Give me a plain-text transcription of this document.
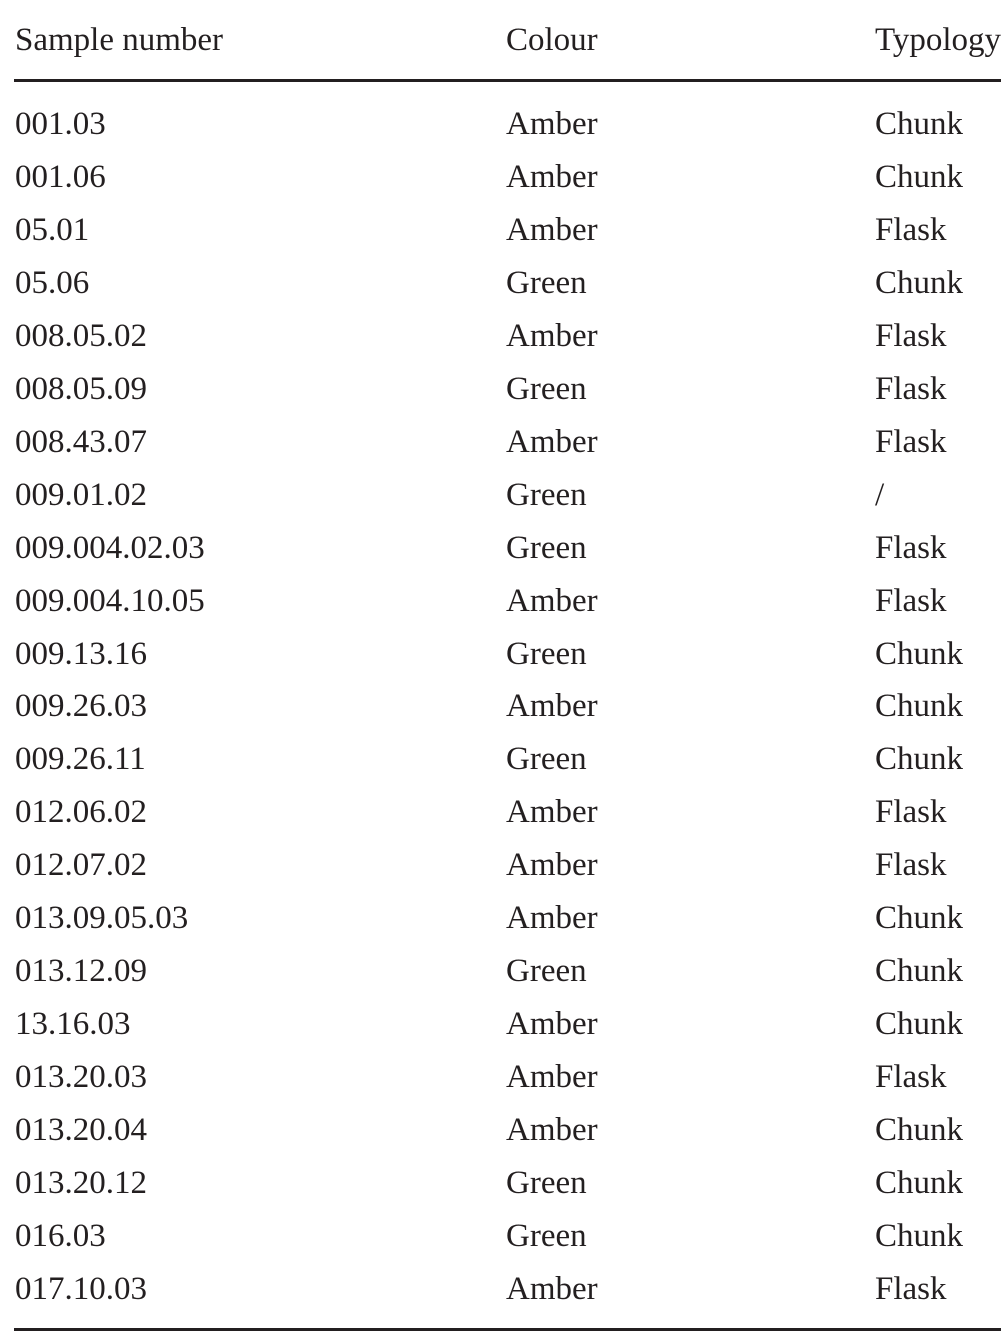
Sample number	Colour	Typology
001.03	Amber	Chunk
001.06	Amber	Chunk
05.01	Amber	Flask
05.06	Green	Chunk
008.05.02	Amber	Flask
008.05.09	Green	Flask
008.43.07	Amber	Flask
009.01.02	Green	/
009.004.02.03	Green	Flask
009.004.10.05	Amber	Flask
009.13.16	Green	Chunk
009.26.03	Amber	Chunk
009.26.11	Green	Chunk
012.06.02	Amber	Flask
012.07.02	Amber	Flask
013.09.05.03	Amber	Chunk
013.12.09	Green	Chunk
13.16.03	Amber	Chunk
013.20.03	Amber	Flask
013.20.04	Amber	Chunk
013.20.12	Green	Chunk
016.03	Green	Chunk
017.10.03	Amber	Flask
